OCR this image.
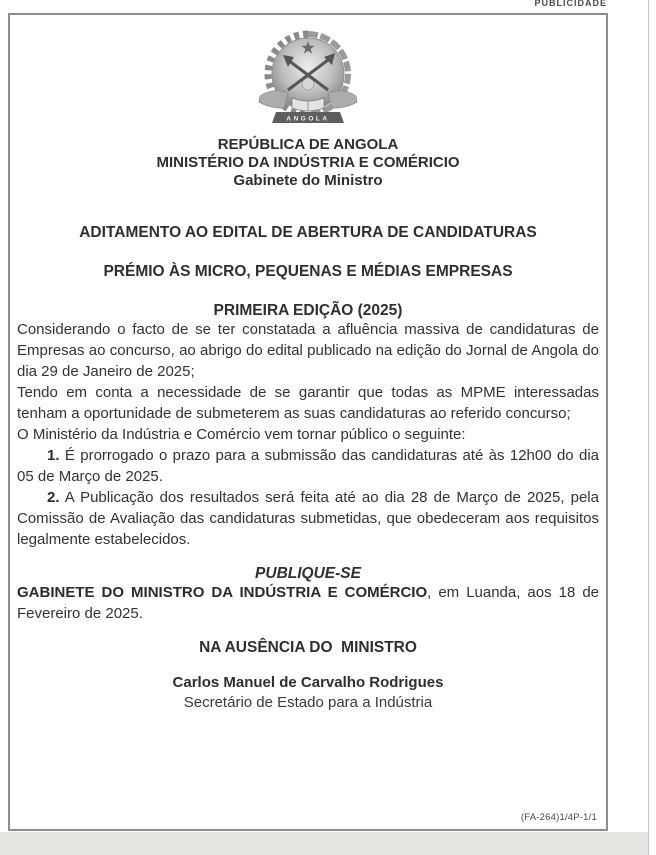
PUBLICIDADE
ANGOLA
REPÚBLICA DE ANGOLA
MINISTÉRIO DA INDÚSTRIA E COMÉRICIO
Gabinete do Ministro
ADITAMENTO AO EDITAL DE ABERTURA DE CANDIDATURAS
PRÉMIO ÀS MICRO, PEQUENAS E MÉDIAS EMPRESAS
PRIMEIRA EDIÇÃO (2025)

Considerando o facto de se ter constatada a afluência massiva de candidaturas de Empresas ao concurso, ao abrigo do edital publicado na edição do Jornal de Angola do dia 29 de Janeiro de 2025;

Tendo em conta a necessidade de se garantir que todas as MPME interessadas tenham a oportunidade de submeterem as suas candidaturas ao referido concurso;

O Ministério da Indústria e Comércio vem tornar público o seguinte:

1. É prorrogado o prazo para a submissão das candidaturas até às 12h00 do dia 05 de Março de 2025.

2. A Publicação dos resultados será feita até ao dia 28 de Março de 2025, pela Comissão de Avaliação das candidaturas submetidas, que obedeceram aos requisitos legalmente estabelecidos.

PUBLIQUE-SE

GABINETE DO MINISTRO DA INDÚSTRIA E COMÉRCIO, em Luanda, aos 18 de Fevereiro de 2025.

NA AUSÊNCIA DO  MINISTRO
Carlos Manuel de Carvalho Rodrigues
Secretário de Estado para a Indústria
(FA-264)1/4P-1/1
